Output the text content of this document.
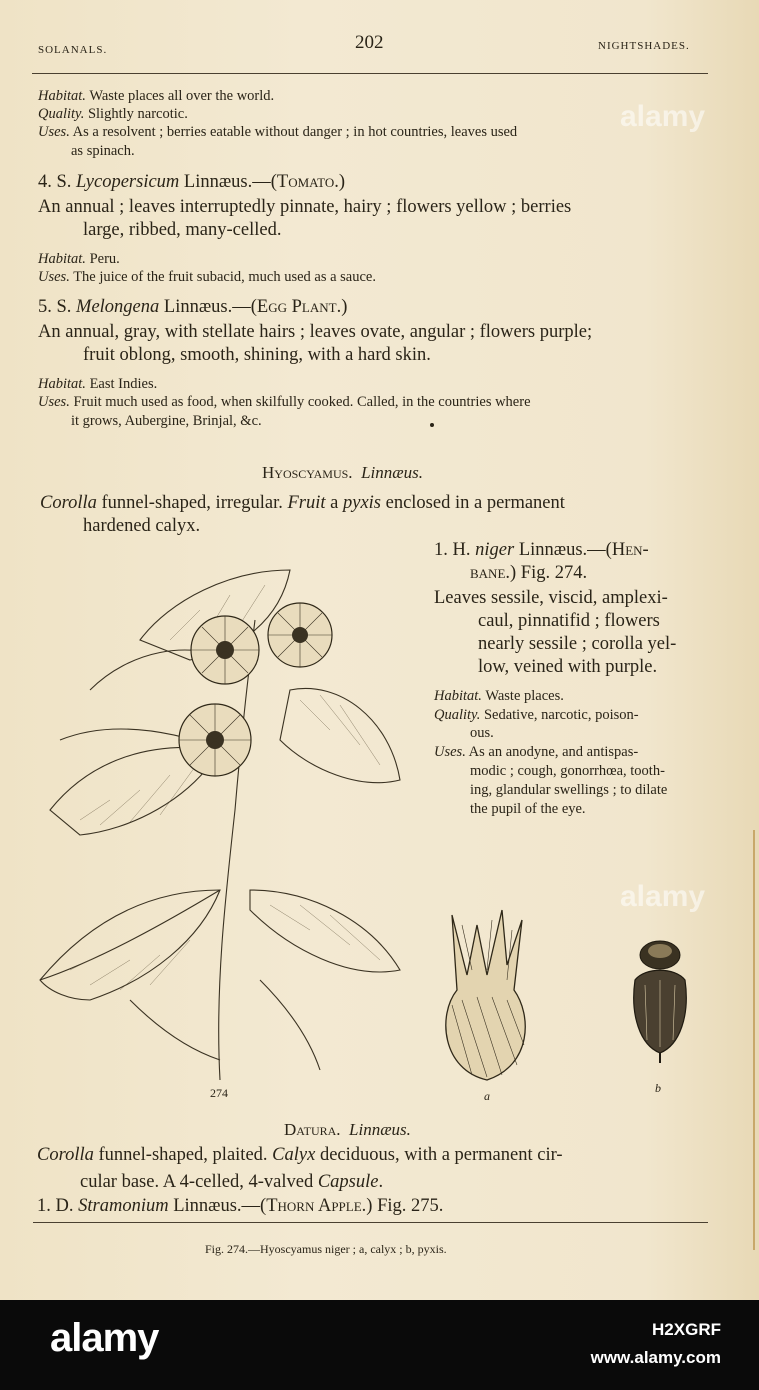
SOLANALS.	202	NIGHTSHADES.
Habitat. Waste places all over the world.
Quality. Slightly narcotic.
Uses. As a resolvent ; berries eatable without danger ; in hot countries, leaves used
as spinach.
4. S. Lycopersicum Linnæus.—(Tomato.)
An annual ; leaves interruptedly pinnate, hairy ; flowers yellow ; berries
large, ribbed, many-celled.
Habitat. Peru.
Uses. The juice of the fruit subacid, much used as a sauce.
5. S. Melongena Linnæus.—(Egg Plant.)
An annual, gray, with stellate hairs ; leaves ovate, angular ; flowers purple;
fruit oblong, smooth, shining, with a hard skin.
Habitat. East Indies.
Uses. Fruit much used as food, when skilfully cooked. Called, in the countries where
it grows, Aubergine, Brinjal, &c.
Hyoscyamus. Linnæus.
Corolla funnel-shaped, irregular. Fruit a pyxis enclosed in a permanent
hardened calyx.
1. H. niger Linnæus.—(Hen-
bane.) Fig. 274.
Leaves sessile, viscid, amplexi-
caul, pinnatifid ; flowers
nearly sessile ; corolla yel-
low, veined with purple.
Habitat. Waste places.
Quality. Sedative, narcotic, poison-
ous.
Uses. As an anodyne, and antispas-
modic ; cough, gonorrhœa, tooth-
ing, glandular swellings ; to dilate
the pupil of the eye.
a
b
274
Datura. Linnæus.
Corolla funnel-shaped, plaited. Calyx deciduous, with a permanent cir-
cular base. A 4-celled, 4-valved Capsule.
1. D. Stramonium Linnæus.—(Thorn Apple.) Fig. 275.
Fig. 274.—Hyoscyamus niger ; a, calyx ; b, pyxis.
alamy
alamy
alamy	H2XGRF
www.alamy.com
